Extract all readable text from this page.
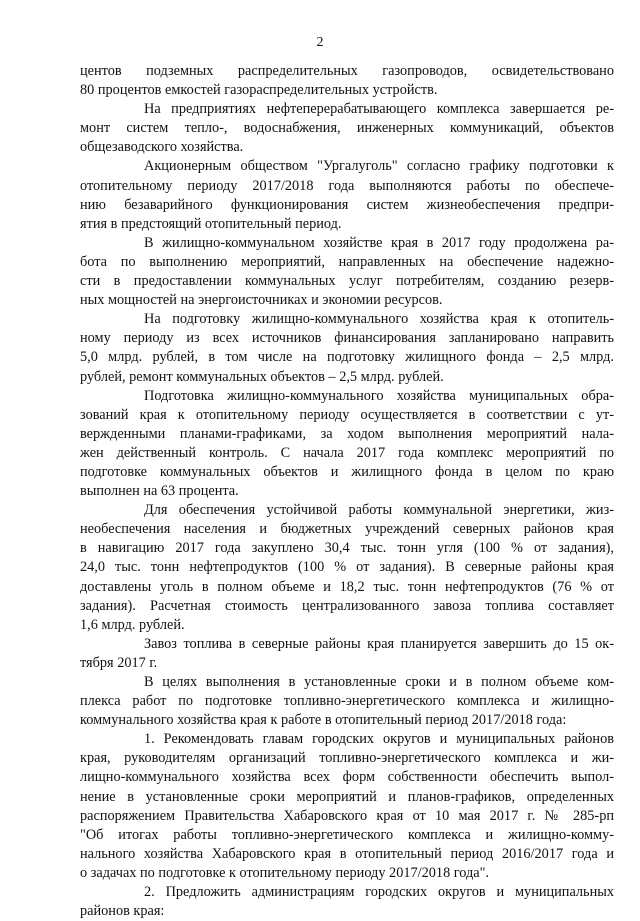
2
центов подземных распределительных газопроводов, освидетельствовано
80 процентов емкостей газораспределительных устройств.
На предприятиях нефтеперерабатывающего комплекса завершается ре-
монт систем тепло-, водоснабжения, инженерных коммуникаций, объектов
общезаводского хозяйства.
Акционерным обществом "Ургалуголь" согласно графику подготовки к
отопительному периоду 2017/2018 года выполняются работы по обеспече-
нию безаварийного функционирования систем жизнеобеспечения предпри-
ятия в предстоящий отопительный период.
В жилищно-коммунальном хозяйстве края в 2017 году продолжена ра-
бота по выполнению мероприятий, направленных на обеспечение надежно-
сти в предоставлении коммунальных услуг потребителям, созданию резерв-
ных мощностей на энергоисточниках и экономии ресурсов.
На подготовку жилищно-коммунального хозяйства края к отопитель-
ному периоду из всех источников финансирования запланировано направить
5,0 млрд. рублей, в том числе на подготовку жилищного фонда – 2,5 млрд.
рублей, ремонт коммунальных объектов – 2,5 млрд. рублей.
Подготовка жилищно-коммунального хозяйства муниципальных обра-
зований края к отопительному периоду осуществляется в соответствии с ут-
вержденными планами-графиками, за ходом выполнения мероприятий нала-
жен действенный контроль. С начала 2017 года комплекс мероприятий по
подготовке коммунальных объектов и жилищного фонда в целом по краю
выполнен на 63 процента.
Для обеспечения устойчивой работы коммунальной энергетики, жиз-
необеспечения населения и бюджетных учреждений северных районов края
в навигацию 2017 года закуплено 30,4 тыс. тонн угля (100 % от задания),
24,0 тыс. тонн нефтепродуктов (100 % от задания). В северные районы края
доставлены уголь в полном объеме и 18,2 тыс. тонн нефтепродуктов (76 % от
задания). Расчетная стоимость централизованного завоза топлива составляет
1,6 млрд. рублей.
Завоз топлива в северные районы края планируется завершить до 15 ок-
тября 2017 г.
В целях выполнения в установленные сроки и в полном объеме ком-
плекса работ по подготовке топливно-энергетического комплекса и жилищно-
коммунального хозяйства края к работе в отопительный период 2017/2018 года:
1. Рекомендовать главам городских округов и муниципальных районов
края, руководителям организаций топливно-энергетического комплекса и жи-
лищно-коммунального хозяйства всех форм собственности обеспечить выпол-
нение в установленные сроки мероприятий и планов-графиков, определенных
распоряжением Правительства Хабаровского края от 10 мая 2017 г. № 285-рп
"Об итогах работы топливно-энергетического комплекса и жилищно-комму-
нального хозяйства Хабаровского края в отопительный период 2016/2017 года и
о задачах по подготовке к отопительному периоду 2017/2018 года".
2. Предложить администрациям городских округов и муниципальных
районов края:
